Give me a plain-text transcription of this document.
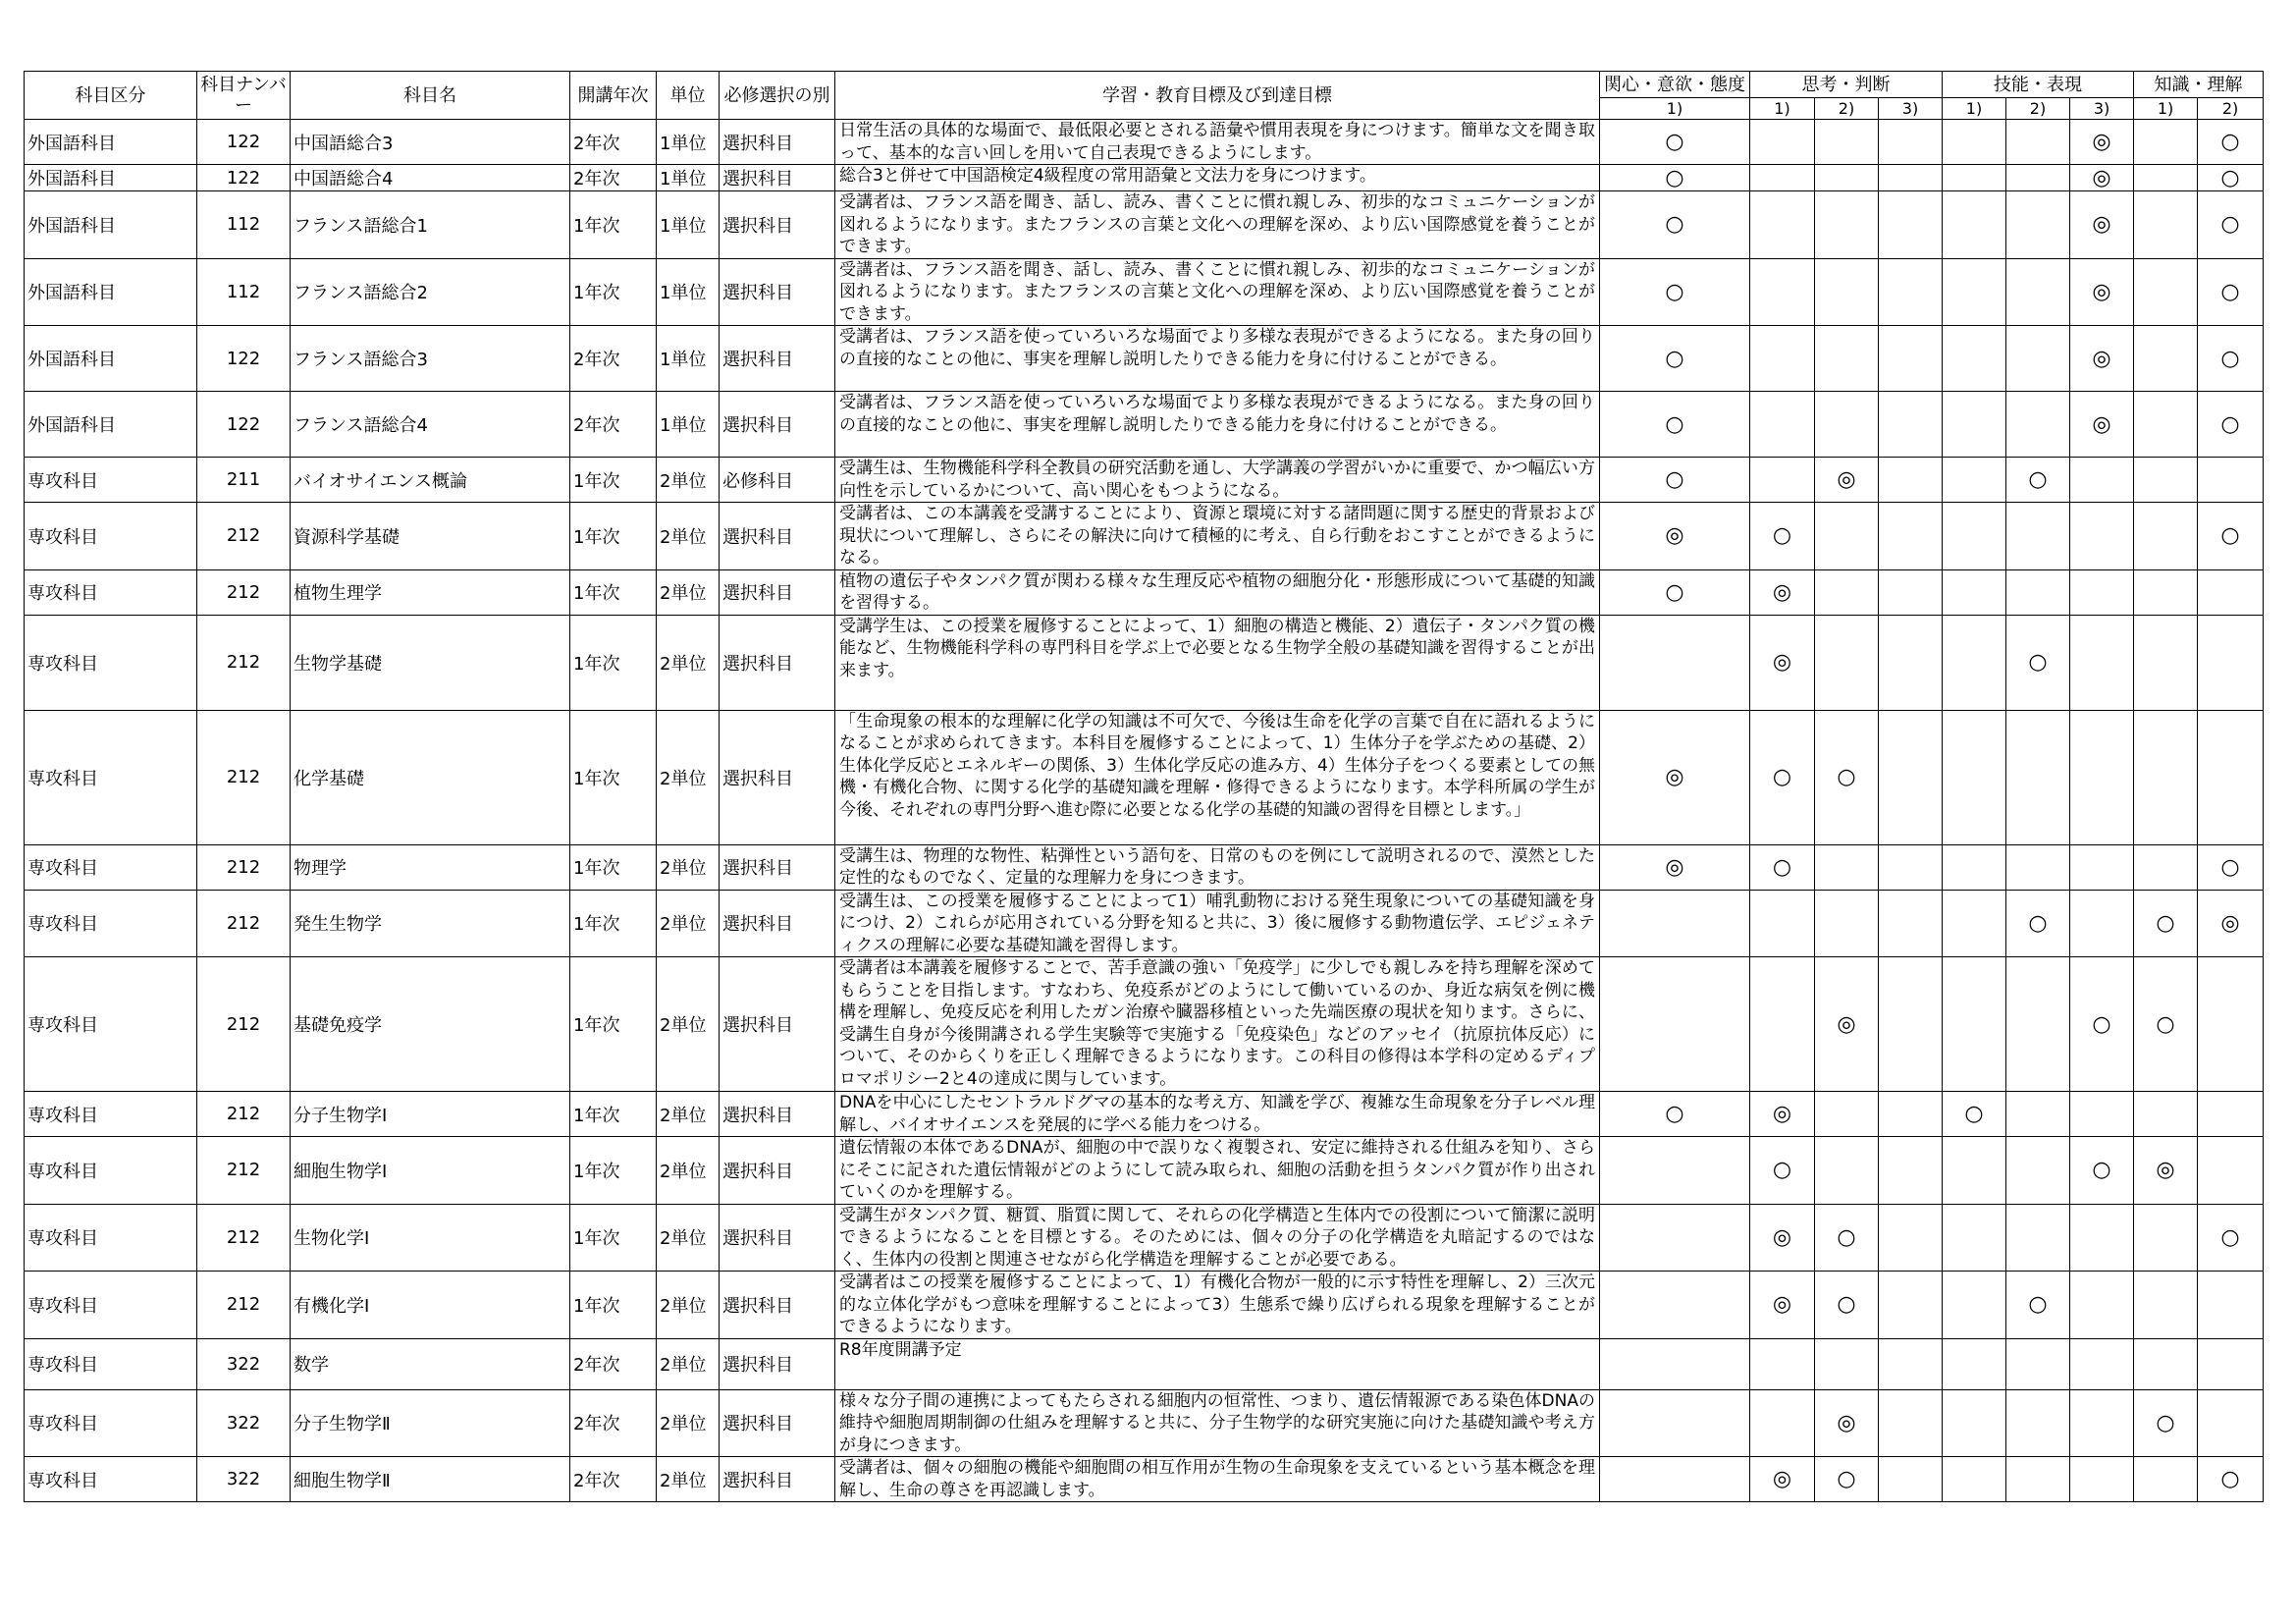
科目区分	科目ナンバー	科目名	開講年次	単位	必修選択の別	学習・教育目標及び到達目標	関心・意欲・態度	思考・判断			技能・表現			知識・理解	
							1)	1)	2)	3)	1)	2)	3)	1)	2)
外国語科目	122	中国語総合3	2年次	1単位	選択科目	日常生活の具体的な場面で、最低限必要とされる語彙や慣用表現を身につけます。簡単な文を聞き取って、基本的な言い回しを用いて自己表現できるようにします。	○						◎		○
外国語科目	122	中国語総合4	2年次	1単位	選択科目	総合3と併せて中国語検定4級程度の常用語彙と文法力を身につけます。	○						◎		○
外国語科目	112	フランス語総合1	1年次	1単位	選択科目	受講者は、フランス語を聞き、話し、読み、書くことに慣れ親しみ、初歩的なコミュニケーションが図れるようになります。またフランスの言葉と文化への理解を深め、より広い国際感覚を養うことができます。	○						◎		○
外国語科目	112	フランス語総合2	1年次	1単位	選択科目	受講者は、フランス語を聞き、話し、読み、書くことに慣れ親しみ、初歩的なコミュニケーションが図れるようになります。またフランスの言葉と文化への理解を深め、より広い国際感覚を養うことができます。	○						◎		○
外国語科目	122	フランス語総合3	2年次	1単位	選択科目	受講者は、フランス語を使っていろいろな場面でより多様な表現ができるようになる。また身の回りの直接的なことの他に、事実を理解し説明したりできる能力を身に付けることができる。	○						◎		○
外国語科目	122	フランス語総合4	2年次	1単位	選択科目	受講者は、フランス語を使っていろいろな場面でより多様な表現ができるようになる。また身の回りの直接的なことの他に、事実を理解し説明したりできる能力を身に付けることができる。	○						◎		○
専攻科目	211	バイオサイエンス概論	1年次	2単位	必修科目	受講生は、生物機能科学科全教員の研究活動を通し、大学講義の学習がいかに重要で、かつ幅広い方向性を示しているかについて、高い関心をもつようになる。	○		◎			○			
専攻科目	212	資源科学基礎	1年次	2単位	選択科目	受講者は、この本講義を受講することにより、資源と環境に対する諸問題に関する歴史的背景および現状について理解し、さらにその解決に向けて積極的に考え、自ら行動をおこすことができるようになる。	◎	○							○
専攻科目	212	植物生理学	1年次	2単位	選択科目	植物の遺伝子やタンパク質が関わる様々な生理反応や植物の細胞分化・形態形成について基礎的知識を習得する。	○	◎							
専攻科目	212	生物学基礎	1年次	2単位	選択科目	受講学生は、この授業を履修することによって、1）細胞の構造と機能、2）遺伝子・タンパク質の機能など、生物機能科学科の専門科目を学ぶ上で必要となる生物学全般の基礎知識を習得することが出来ます。		◎				○			
専攻科目	212	化学基礎	1年次	2単位	選択科目	「生命現象の根本的な理解に化学の知識は不可欠で、今後は生命を化学の言葉で自在に語れるようになることが求められてきます。本科目を履修することによって、1）生体分子を学ぶための基礎、2）生体化学反応とエネルギーの関係、3）生体化学反応の進み方、4）生体分子をつくる要素としての無機・有機化合物、に関する化学的基礎知識を理解・修得できるようになります。本学科所属の学生が今後、それぞれの専門分野へ進む際に必要となる化学の基礎的知識の習得を目標とします。」	◎	○	○						
専攻科目	212	物理学	1年次	2単位	選択科目	受講生は、物理的な物性、粘弾性という語句を、日常のものを例にして説明されるので、漠然とした定性的なものでなく、定量的な理解力を身につきます。	◎	○							○
専攻科目	212	発生生物学	1年次	2単位	選択科目	受講生は、この授業を履修することによって1）哺乳動物における発生現象についての基礎知識を身につけ、2）これらが応用されている分野を知ると共に、3）後に履修する動物遺伝学、エピジェネティクスの理解に必要な基礎知識を習得します。						○		○	◎
専攻科目	212	基礎免疫学	1年次	2単位	選択科目	受講者は本講義を履修することで、苦手意識の強い「免疫学」に少しでも親しみを持ち理解を深めてもらうことを目指します。すなわち、免疫系がどのようにして働いているのか、身近な病気を例に機構を理解し、免疫反応を利用したガン治療や臓器移植といった先端医療の現状を知ります。さらに、受講生自身が今後開講される学生実験等で実施する「免疫染色」などのアッセイ（抗原抗体反応）について、そのからくりを正しく理解できるようになります。この科目の修得は本学科の定めるディプロマポリシー2と4の達成に関与しています。			◎				○	○	
専攻科目	212	分子生物学Ⅰ	1年次	2単位	選択科目	DNAを中心にしたセントラルドグマの基本的な考え方、知識を学び、複雑な生命現象を分子レベル理解し、バイオサイエンスを発展的に学べる能力をつける。	○	◎			○				
専攻科目	212	細胞生物学Ⅰ	1年次	2単位	選択科目	遺伝情報の本体であるDNAが、細胞の中で誤りなく複製され、安定に維持される仕組みを知り、さらにそこに記された遺伝情報がどのようにして読み取られ、細胞の活動を担うタンパク質が作り出されていくのかを理解する。		○					○	◎	
専攻科目	212	生物化学Ⅰ	1年次	2単位	選択科目	受講生がタンパク質、糖質、脂質に関して、それらの化学構造と生体内での役割について簡潔に説明できるようになることを目標とする。そのためには、個々の分子の化学構造を丸暗記するのではなく、生体内の役割と関連させながら化学構造を理解することが必要である。		◎	○						○
専攻科目	212	有機化学Ⅰ	1年次	2単位	選択科目	受講者はこの授業を履修することによって、1）有機化合物が一般的に示す特性を理解し、2）三次元的な立体化学がもつ意味を理解することによって3）生態系で繰り広げられる現象を理解することができるようになります。		◎	○			○			
専攻科目	322	数学	2年次	2単位	選択科目	R8年度開講予定									
専攻科目	322	分子生物学Ⅱ	2年次	2単位	選択科目	様々な分子間の連携によってもたらされる細胞内の恒常性、つまり、遺伝情報源である染色体DNAの維持や細胞周期制御の仕組みを理解すると共に、分子生物学的な研究実施に向けた基礎知識や考え方が身につきます。			◎					○	
専攻科目	322	細胞生物学Ⅱ	2年次	2単位	選択科目	受講者は、個々の細胞の機能や細胞間の相互作用が生物の生命現象を支えているという基本概念を理解し、生命の尊さを再認識します。		◎	○						○
